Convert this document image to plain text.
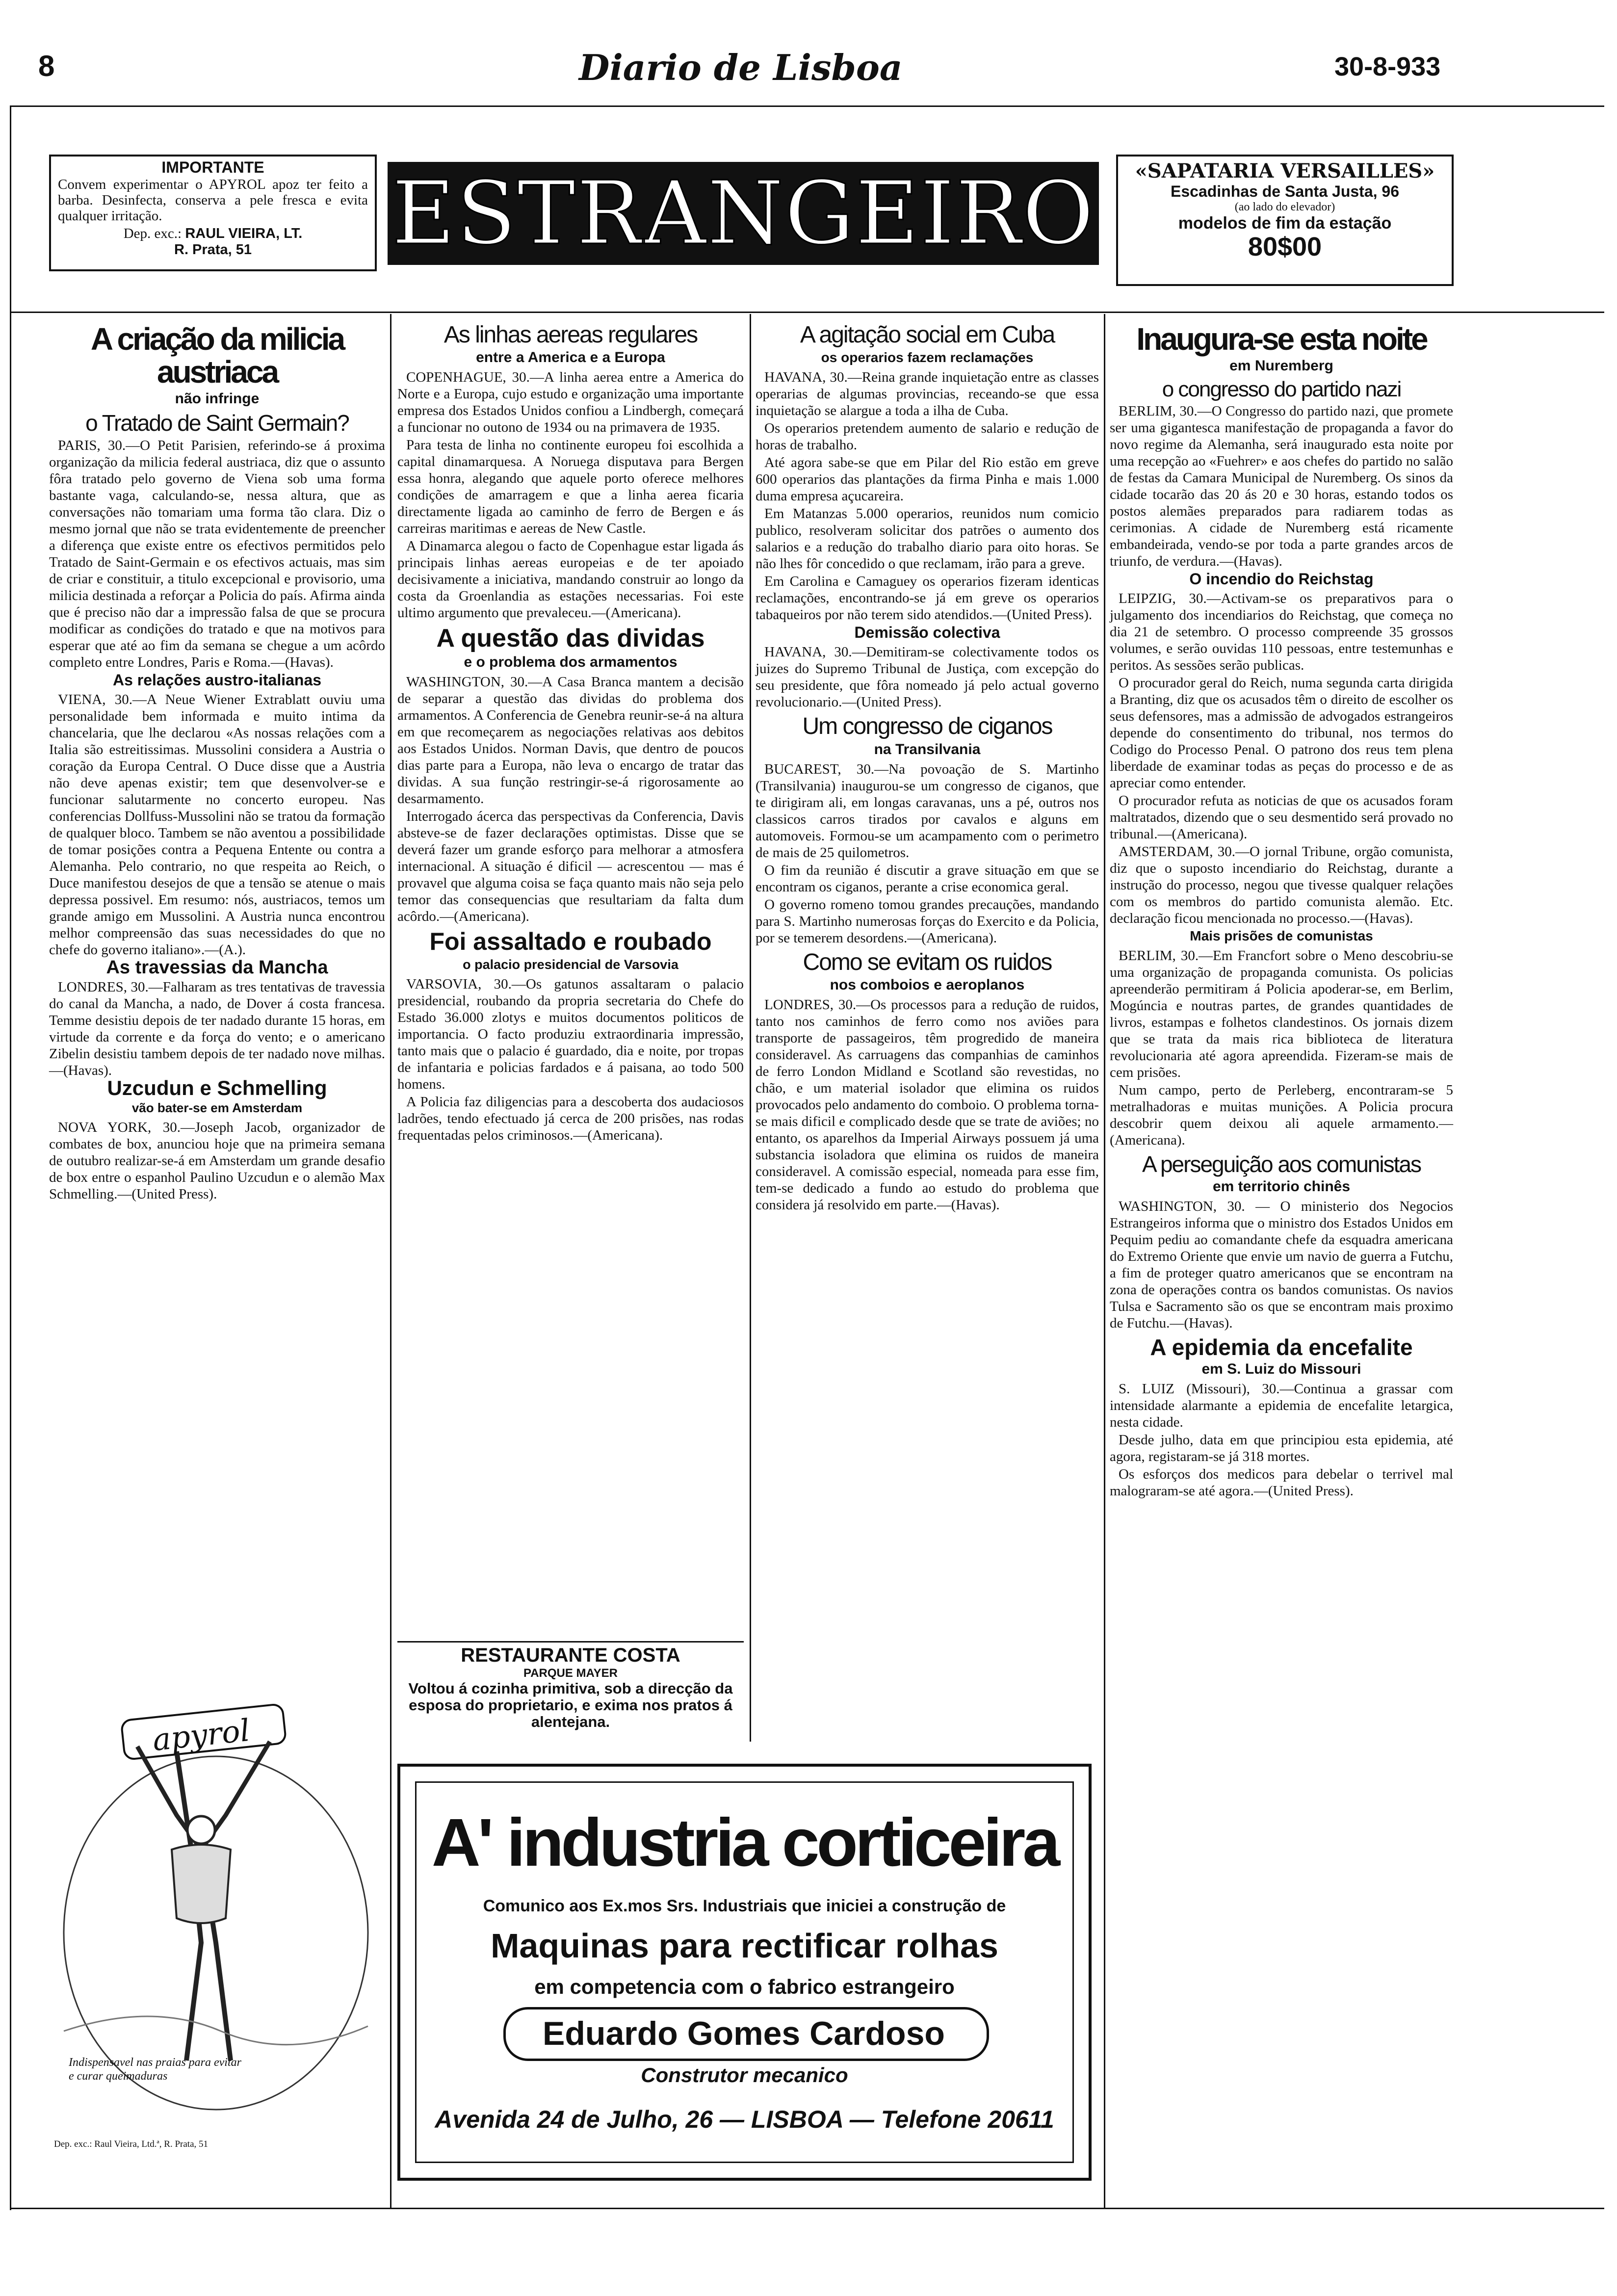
8	Diario de Lisboa	30-8-933
IMPORTANTE
Convem experimentar o APYROL apoz ter feito a barba. Desinfecta, conserva a pele fresca e evita qualquer irritação.
Dep. exc.: RAUL VIEIRA, LT.
R. Prata, 51	ESTRANGEIRO	«SAPATARIA VERSAILLES»
Escadinhas de Santa Justa, 96
(ao lado do elevador)
modelos de fim da estação
80$00
A criação da milicia austriaca
não infringe
o Tratado de Saint Germain?

PARIS, 30.—O Petit Parisien, referindo-se á proxima organização da milicia federal austriaca, diz que o assunto fôra tratado pelo governo de Viena sob uma forma bastante vaga, calculando-se, nessa altura, que as conversações não tomariam uma forma tão clara. Diz o mesmo jornal que não se trata evidentemente de preencher a diferença que existe entre os efectivos permitidos pelo Tratado de Saint-Germain e os efectivos actuais, mas sim de criar e constituir, a titulo excepcional e provisorio, uma milicia destinada a reforçar a Policia do país. Afirma ainda que é preciso não dar a impressão falsa de que se procura modificar as condições do tratado e que na motivos para esperar que até ao fim da semana se chegue a um acôrdo completo entre Londres, Paris e Roma.—(Havas).

As relações austro-italianas

VIENA, 30.—A Neue Wiener Extrablatt ouviu uma personalidade bem informada e muito intima da chancelaria, que lhe declarou «As nossas relações com a Italia são estreitissimas. Mussolini considera a Austria o coração da Europa Central. O Duce disse que a Austria não deve apenas existir; tem que desenvolver-se e funcionar salutarmente no concerto europeu. Nas conferencias Dollfuss-Mussolini não se tratou da formação de qualquer bloco. Tambem se não aventou a possibilidade de tomar posições contra a Pequena Entente ou contra a Alemanha. Pelo contrario, no que respeita ao Reich, o Duce manifestou desejos de que a tensão se atenue o mais depressa possivel. Em resumo: nós, austriacos, temos um grande amigo em Mussolini. A Austria nunca encontrou melhor compreensão das suas necessidades do que no chefe do governo italiano».—(A.).

As travessias da Mancha

LONDRES, 30.—Falharam as tres tentativas de travessia do canal da Mancha, a nado, de Dover á costa francesa. Temme desistiu depois de ter nadado durante 15 horas, em virtude da corrente e da força do vento; e o americano Zibelin desistiu tambem depois de ter nadado nove milhas.—(Havas).

Uzcudun e Schmelling
vão bater-se em Amsterdam

NOVA YORK, 30.—Joseph Jacob, organizador de combates de box, anunciou hoje que na primeira semana de outubro realizar-se-á em Amsterdam um grande desafio de box entre o espanhol Paulino Uzcudun e o alemão Max Schmelling.—(United Press).

apyrol
Indispensavel nas praias para evitar e curar queimaduras
Dep. exc.: Raul Vieira, Ltd.ª, R. Prata, 51
As linhas aereas regulares
entre a America e a Europa

COPENHAGUE, 30.—A linha aerea entre a America do Norte e a Europa, cujo estudo e organização uma importante empresa dos Estados Unidos confiou a Lindbergh, começará a funcionar no outono de 1934 ou na primavera de 1935.

Para testa de linha no continente europeu foi escolhida a capital dinamarquesa. A Noruega disputava para Bergen essa honra, alegando que aquele porto oferece melhores condições de amarragem e que a linha aerea ficaria directamente ligada ao caminho de ferro de Bergen e ás carreiras maritimas e aereas de New Castle.

A Dinamarca alegou o facto de Copenhague estar ligada ás principais linhas aereas europeias e de ter apoiado decisivamente a iniciativa, mandando construir ao longo da costa da Groenlandia as estações necessarias. Foi este ultimo argumento que prevaleceu.—(Americana).

A questão das dividas
e o problema dos armamentos

WASHINGTON, 30.—A Casa Branca mantem a decisão de separar a questão das dividas do problema dos armamentos. A Conferencia de Genebra reunir-se-á na altura em que recomeçarem as negociações relativas aos debitos aos Estados Unidos. Norman Davis, que dentro de poucos dias parte para a Europa, não leva o encargo de tratar das dividas. A sua função restringir-se-á rigorosamente ao desarmamento.

Interrogado ácerca das perspectivas da Conferencia, Davis absteve-se de fazer declarações optimistas. Disse que se deverá fazer um grande esforço para melhorar a atmosfera internacional. A situação é dificil — acrescentou — mas é provavel que alguma coisa se faça quanto mais não seja pelo temor das consequencias que resultariam da falta dum acôrdo.—(Americana).

Foi assaltado e roubado
o palacio presidencial de Varsovia

VARSOVIA, 30.—Os gatunos assaltaram o palacio presidencial, roubando da propria secretaria do Chefe do Estado 36.000 zlotys e muitos documentos politicos de importancia. O facto produziu extraordinaria impressão, tanto mais que o palacio é guardado, dia e noite, por tropas de infantaria e policias fardados e á paisana, ao todo 500 homens.

A Policia faz diligencias para a descoberta dos audaciosos ladrões, tendo efectuado já cerca de 200 prisões, nas rodas frequentadas pelos criminosos.—(Americana).

RESTAURANTE COSTA
PARQUE MAYER
Voltou á cozinha primitiva, sob a direcção da esposa do proprietario, e exima nos pratos á alentejana.
A agitação social em Cuba
os operarios fazem reclamações

HAVANA, 30.—Reina grande inquietação entre as classes operarias de algumas provincias, receando-se que essa inquietação se alargue a toda a ilha de Cuba.

Os operarios pretendem aumento de salario e redução de horas de trabalho.

Até agora sabe-se que em Pilar del Rio estão em greve 600 operarios das plantações da firma Pinha e mais 1.000 duma empresa açucareira.

Em Matanzas 5.000 operarios, reunidos num comicio publico, resolveram solicitar dos patrões o aumento dos salarios e a redução do trabalho diario para oito horas. Se não lhes fôr concedido o que reclamam, irão para a greve.

Em Carolina e Camaguey os operarios fizeram identicas reclamações, encontrando-se já em greve os operarios tabaqueiros por não terem sido atendidos.—(United Press).

Demissão colectiva

HAVANA, 30.—Demitiram-se colectivamente todos os juizes do Supremo Tribunal de Justiça, com excepção do seu presidente, que fôra nomeado já pelo actual governo revolucionario.—(United Press).

Um congresso de ciganos
na Transilvania

BUCAREST, 30.—Na povoação de S. Martinho (Transilvania) inaugurou-se um congresso de ciganos, que te dirigiram ali, em longas caravanas, uns a pé, outros nos classicos carros tirados por cavalos e alguns em automoveis. Formou-se um acampamento com o perimetro de mais de 25 quilometros.

O fim da reunião é discutir a grave situação em que se encontram os ciganos, perante a crise economica geral.

O governo romeno tomou grandes precauções, mandando para S. Martinho numerosas forças do Exercito e da Policia, por se temerem desordens.—(Americana).

Como se evitam os ruidos
nos comboios e aeroplanos

LONDRES, 30.—Os processos para a redução de ruidos, tanto nos caminhos de ferro como nos aviões para transporte de passageiros, têm progredido de maneira consideravel. As carruagens das companhias de caminhos de ferro London Midland e Scotland são revestidas, no chão, e um material isolador que elimina os ruidos provocados pelo andamento do comboio. O problema torna-se mais dificil e complicado desde que se trate de aviões; no entanto, os aparelhos da Imperial Airways possuem já uma substancia isoladora que elimina os ruidos de maneira consideravel. A comissão especial, nomeada para esse fim, tem-se dedicado a fundo ao estudo do problema que considera já resolvido em parte.—(Havas).

Inaugura-se esta noite
em Nuremberg
o congresso do partido nazi

BERLIM, 30.—O Congresso do partido nazi, que promete ser uma gigantesca manifestação de propaganda a favor do novo regime da Alemanha, será inaugurado esta noite por uma recepção ao «Fuehrer» e aos chefes do partido no salão de festas da Camara Municipal de Nuremberg. Os sinos da cidade tocarão das 20 ás 20 e 30 horas, estando todos os postos alemães preparados para radiarem todas as cerimonias. A cidade de Nuremberg está ricamente embandeirada, vendo-se por toda a parte grandes arcos de triunfo, de verdura.—(Havas).

O incendio do Reichstag

LEIPZIG, 30.—Activam-se os preparativos para o julgamento dos incendiarios do Reichstag, que começa no dia 21 de setembro. O processo compreende 35 grossos volumes, e serão ouvidas 110 pessoas, entre testemunhas e peritos. As sessões serão publicas.

O procurador geral do Reich, numa segunda carta dirigida a Branting, diz que os acusados têm o direito de escolher os seus defensores, mas a admissão de advogados estrangeiros depende do consentimento do tribunal, nos termos do Codigo do Processo Penal. O patrono dos reus tem plena liberdade de examinar todas as peças do processo e de as apreciar como entender.

O procurador refuta as noticias de que os acusados foram maltratados, dizendo que o seu desmentido será provado no tribunal.—(Americana).

AMSTERDAM, 30.—O jornal Tribune, orgão comunista, diz que o suposto incendiario do Reichstag, durante a instrução do processo, negou que tivesse qualquer relações com os membros do partido comunista alemão. Etc. declaração ficou mencionada no processo.—(Havas).

Mais prisões de comunistas

BERLIM, 30.—Em Francfort sobre o Meno descobriu-se uma organização de propaganda comunista. Os policias apreenderão permitiram á Policia apoderar-se, em Berlim, Mogúncia e noutras partes, de grandes quantidades de livros, estampas e folhetos clandestinos. Os jornais dizem que se trata da mais rica biblioteca de literatura revolucionaria até agora apreendida. Fizeram-se mais de cem prisões.

Num campo, perto de Perleberg, encontraram-se 5 metralhadoras e muitas munições. A Policia procura descobrir quem deixou ali aquele armamento.—(Americana).

A perseguição aos comunistas
em territorio chinês

WASHINGTON, 30. — O ministerio dos Negocios Estrangeiros informa que o ministro dos Estados Unidos em Pequim pediu ao comandante chefe da esquadra americana do Extremo Oriente que envie um navio de guerra a Futchu, a fim de proteger quatro americanos que se encontram na zona de operações contra os bandos comunistas. Os navios Tulsa e Sacramento são os que se encontram mais proximo de Futchu.—(Havas).

A epidemia da encefalite
em S. Luiz do Missouri

S. LUIZ (Missouri), 30.—Continua a grassar com intensidade alarmante a epidemia de encefalite letargica, nesta cidade.

Desde julho, data em que principiou esta epidemia, até agora, registaram-se já 318 mortes.

Os esforços dos medicos para debelar o terrivel mal malograram-se até agora.—(United Press).

A' industria corticeira
Comunico aos Ex.mos Srs. Industriais que iniciei a construção de
Maquinas para rectificar rolhas
em competencia com o fabrico estrangeiro
Eduardo Gomes Cardoso
Construtor mecanico
Avenida 24 de Julho, 26 — LISBOA — Telefone 20611
